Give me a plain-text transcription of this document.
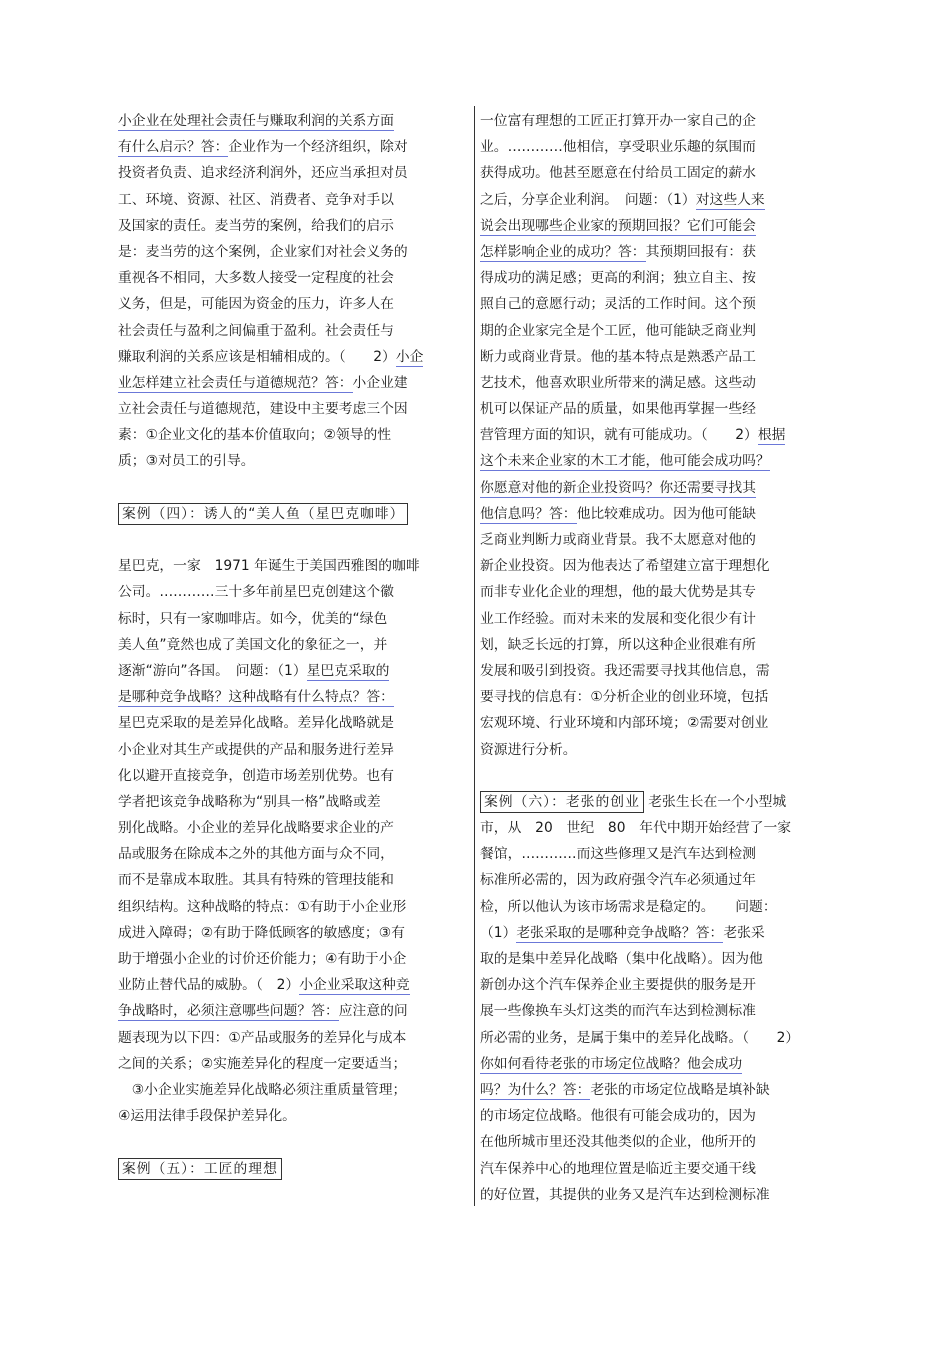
小企业在处理社会责任与赚取利润的关系方面
有什么启示？答：企业作为一个经济组织，除对
投资者负责、追求经济利润外，还应当承担对员
工、环境、资源、社区、消费者、竞争对手以
及国家的责任。麦当劳的案例，给我们的启示
是：麦当劳的这个案例，企业家们对社会义务的
重视各不相同，大多数人接受一定程度的社会
义务，但是，可能因为资金的压力，许多人在
社会责任与盈利之间偏重于盈利。社会责任与
赚取利润的关系应该是相辅相成的。（　　2）小企
业怎样建立社会责任与道德规范？答：小企业建
立社会责任与道德规范，建设中主要考虑三个因
素：①企业文化的基本价值取向；②领导的性
质；③对员工的引导。
案例（四）：诱人的“美人鱼（星巴克咖啡）
星巴克，一家　1971 年诞生于美国西雅图的咖啡
公司。…………三十多年前星巴克创建这个徽
标时，只有一家咖啡店。如今，优美的“绿色
美人鱼”竟然也成了美国文化的象征之一，并
逐渐“游向”各国。　问题：（1）星巴克采取的
是哪种竞争战略？这种战略有什么特点？答：
星巴克采取的是差异化战略。差异化战略就是
小企业对其生产或提供的产品和服务进行差异
化以避开直接竞争，创造市场差别优势。也有
学者把该竞争战略称为“别具一格”战略或差
别化战略。小企业的差异化战略要求企业的产
品或服务在除成本之外的其他方面与众不同，
而不是靠成本取胜。其具有特殊的管理技能和
组织结构。这种战略的特点：①有助于小企业形
成进入障碍；②有助于降低顾客的敏感度；③有
助于增强小企业的讨价还价能力；④有助于小企
业防止替代品的威胁。（　2）小企业采取这种竞
争战略时，必须注意哪些问题？答：应注意的问
题表现为以下四：①产品或服务的差异化与成本
之间的关系；②实施差异化的程度一定要适当；
　③小企业实施差异化战略必须注重质量管理；
④运用法律手段保护差异化。
案例（五）：工匠的理想
一位富有理想的工匠正打算开办一家自己的企
业。…………他相信，享受职业乐趣的氛围而
获得成功。他甚至愿意在付给员工固定的薪水
之后，分享企业利润。　问题：（1）对这些人来
说会出现哪些企业家的预期回报？它们可能会
怎样影响企业的成功？答：其预期回报有：获
得成功的满足感；更高的利润；独立自主、按
照自己的意愿行动；灵活的工作时间。这个预
期的企业家完全是个工匠，他可能缺乏商业判
断力或商业背景。他的基本特点是熟悉产品工
艺技术，他喜欢职业所带来的满足感。这些动
机可以保证产品的质量，如果他再掌握一些经
营管理方面的知识，就有可能成功。（　　2）根据
这个未来企业家的木工才能，他可能会成功吗？
你愿意对他的新企业投资吗？你还需要寻找其
他信息吗？答：他比较难成功。因为他可能缺
乏商业判断力或商业背景。我不太愿意对他的
新企业投资。因为他表达了希望建立富于理想化
而非专业化企业的理想，他的最大优势是其专
业工作经验。而对未来的发展和变化很少有计
划，缺乏长远的打算，所以这种企业很难有所
发展和吸引到投资。我还需要寻找其他信息，需
要寻找的信息有：①分析企业的创业环境，包括
宏观环境、行业环境和内部环境；②需要对创业
资源进行分析。
案例（六）：老张的创业 老张生长在一个小型城
市，从　20　世纪　80　年代中期开始经营了一家
餐馆，…………而这些修理又是汽车达到检测
标准所必需的，因为政府强令汽车必须通过年
检，所以他认为该市场需求是稳定的。　　问题：
（1）老张采取的是哪种竞争战略？答：老张采
取的是集中差异化战略（集中化战略）。因为他
新创办这个汽车保养企业主要提供的服务是开
展一些像换车头灯这类的而汽车达到检测标准
所必需的业务，是属于集中的差异化战略。（　　2）
你如何看待老张的市场定位战略？他会成功
吗？为什么？答：老张的市场定位战略是填补缺
的市场定位战略。他很有可能会成功的，因为
在他所城市里还没其他类似的企业，他所开的
汽车保养中心的地理位置是临近主要交通干线
的好位置，其提供的业务又是汽车达到检测标准
